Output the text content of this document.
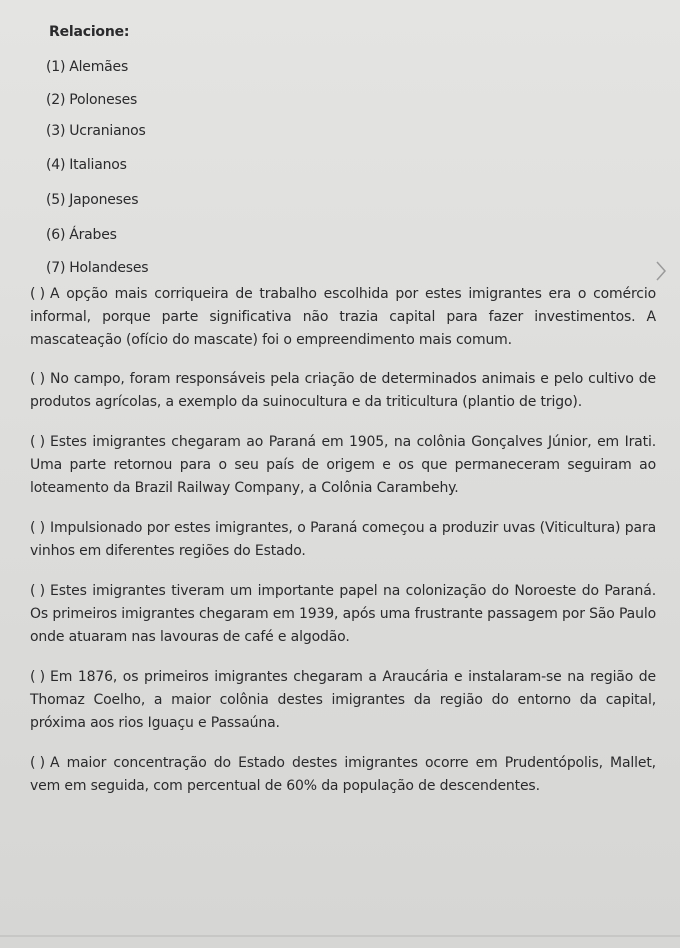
Relacione:
(1) Alemães
(2) Poloneses
(3) Ucranianos
(4) Italianos
(5) Japoneses
(6) Árabes
(7) Holandeses

( ) A opção mais corriqueira de trabalho escolhida por estes imigrantes era o comércio informal, porque parte significativa não trazia capital para fazer investimentos. A mascateação (ofício do mascate) foi o empreendimento mais comum.

( ) No campo, foram responsáveis pela criação de determinados animais e pelo cultivo de produtos agrícolas, a exemplo da suinocultura e da triticultura (plantio de trigo).

( ) Estes imigrantes chegaram ao Paraná em 1905, na colônia Gonçalves Júnior, em Irati. Uma parte retornou para o seu país de origem e os que permaneceram seguiram ao loteamento da Brazil Railway Company, a Colônia Carambehy.

( ) Impulsionado por estes imigrantes, o Paraná começou a produzir uvas (Viticultura) para vinhos em diferentes regiões do Estado.

( ) Estes imigrantes tiveram um importante papel na colonização do Noroeste do Paraná. Os primeiros imigrantes chegaram em 1939, após uma frustrante passagem por São Paulo onde atuaram nas lavouras de café e algodão.

( ) Em 1876, os primeiros imigrantes chegaram a Araucária e instalaram-se na região de Thomaz Coelho, a maior colônia destes imigrantes da região do entorno da capital, próxima aos rios Iguaçu e Passaúna.

( ) A maior concentração do Estado destes imigrantes ocorre em Prudentópolis, Mallet, vem em seguida, com percentual de 60% da população de descendentes.
